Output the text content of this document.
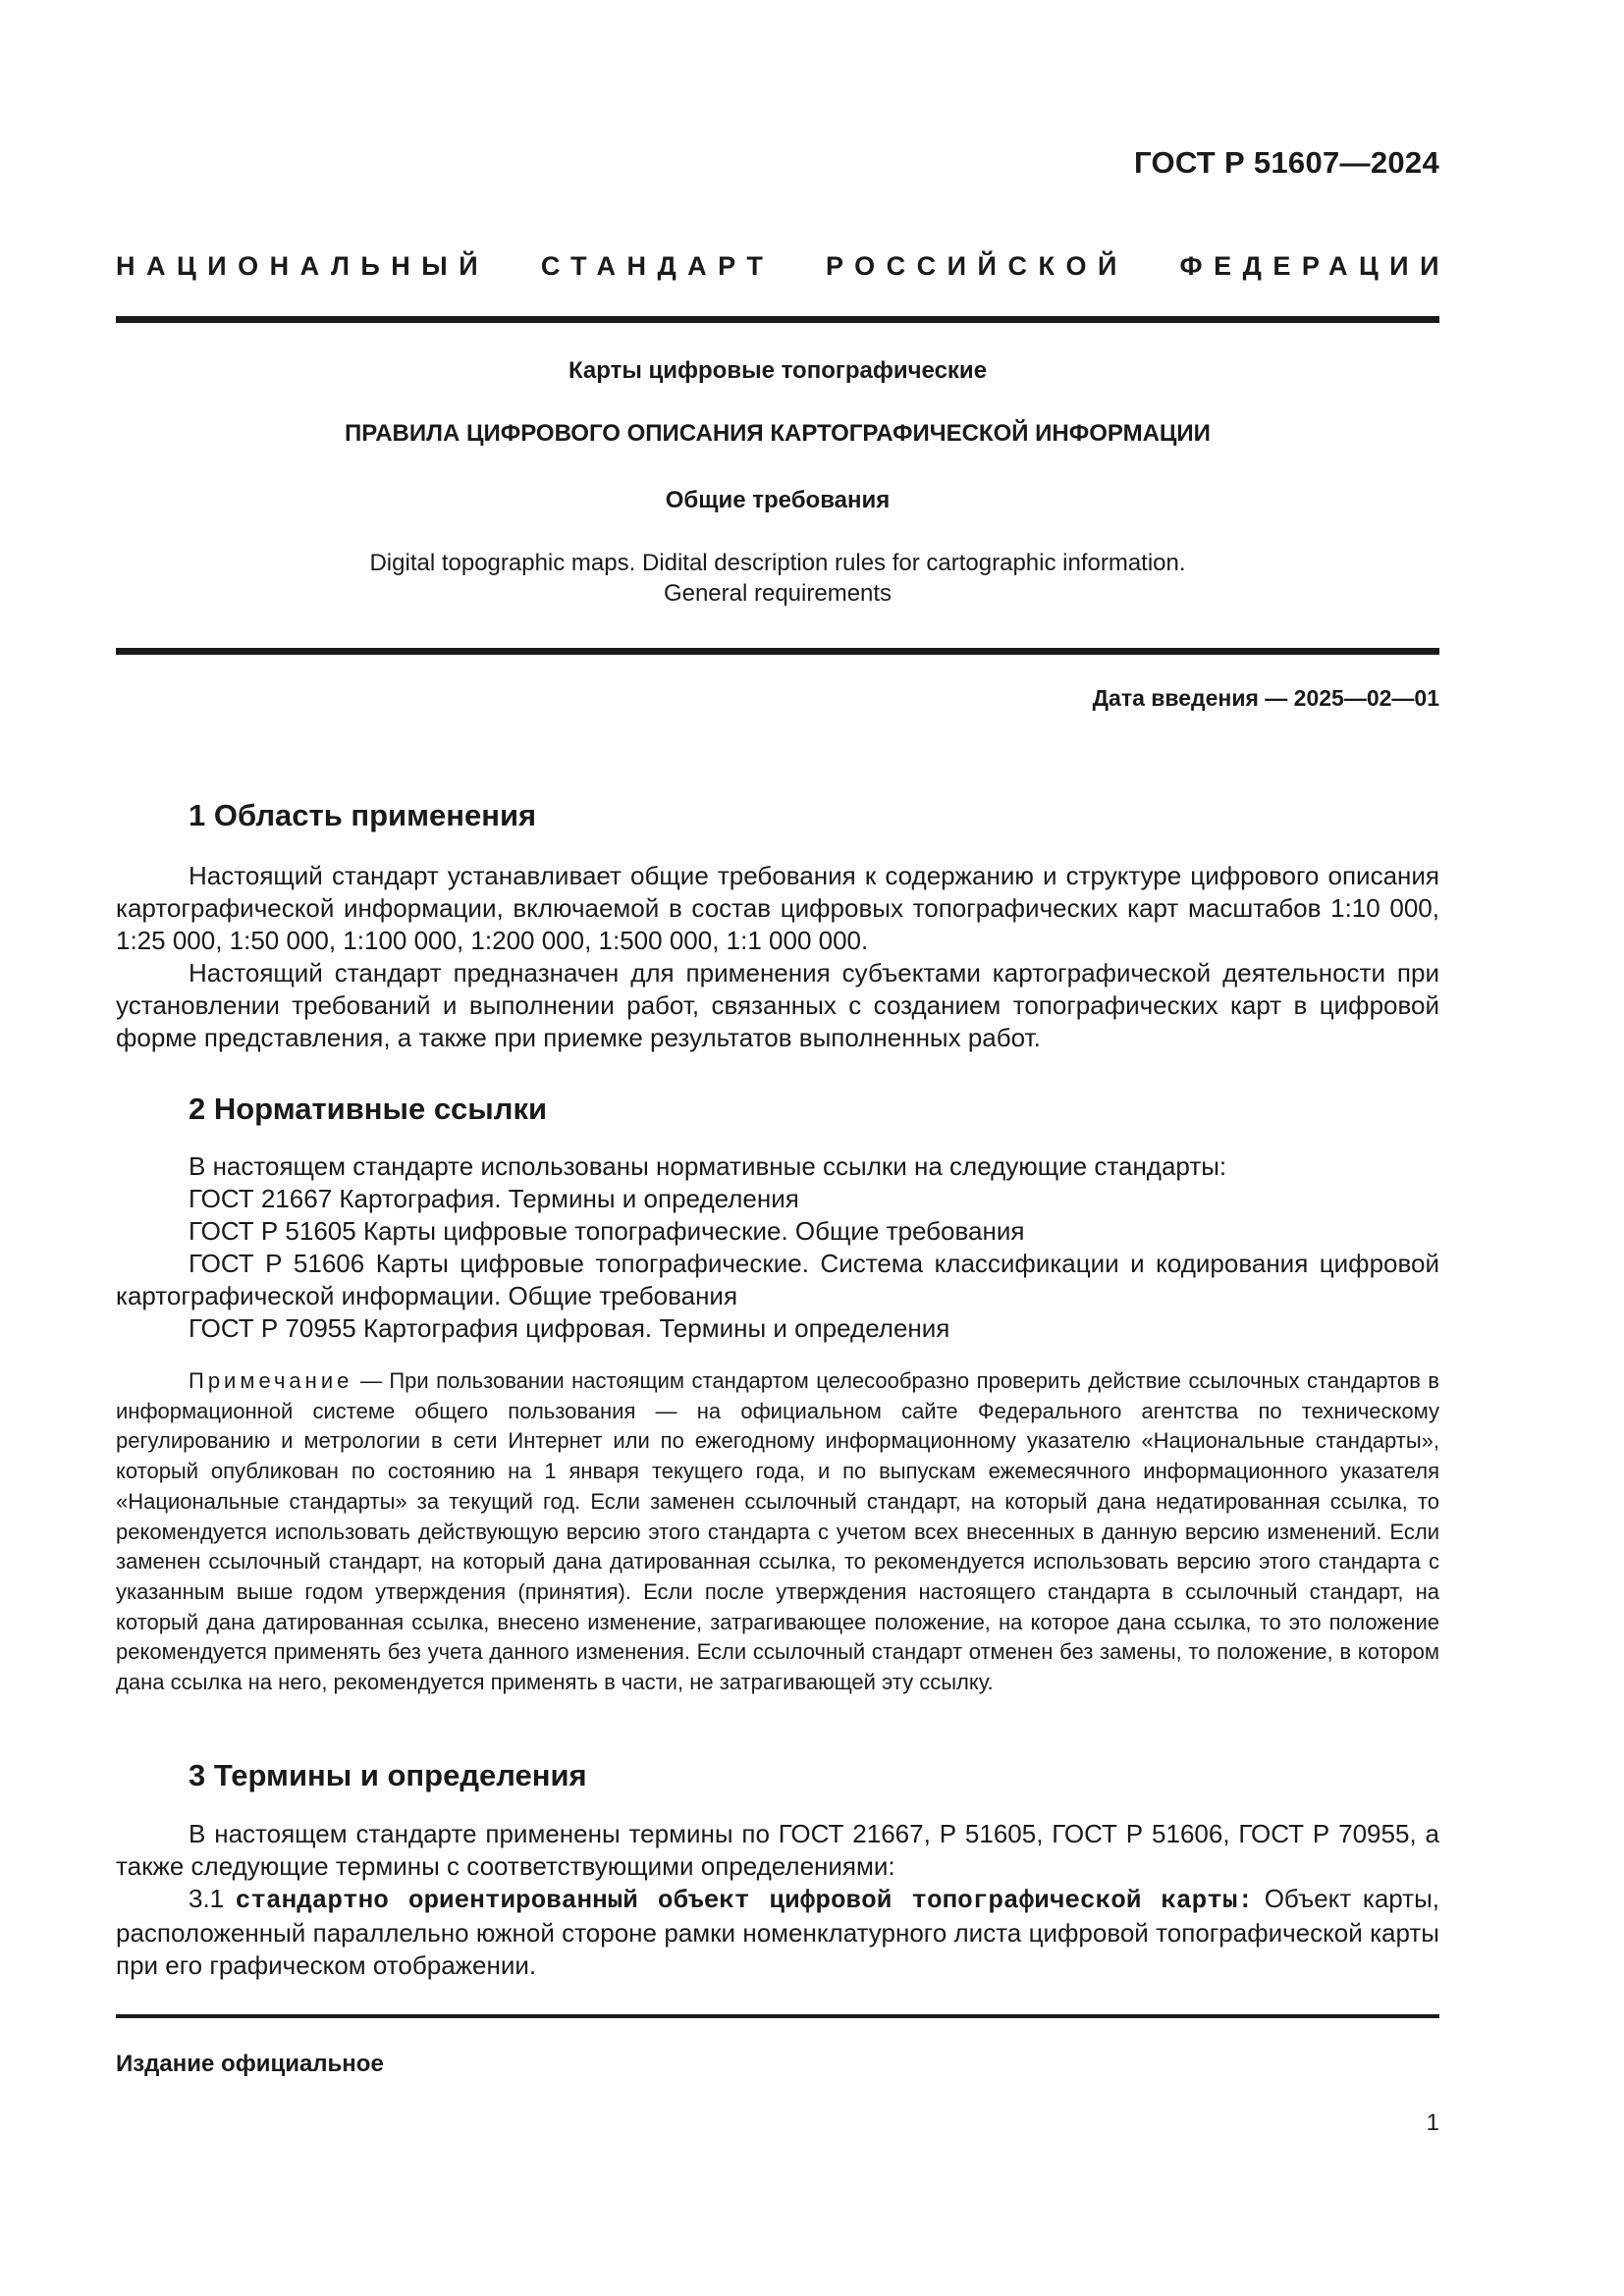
ГОСТ Р 51607—2024
НАЦИОНАЛЬНЫЙ СТАНДАРТ РОССИЙСКОЙ ФЕДЕРАЦИИ
Карты цифровые топографические
ПРАВИЛА ЦИФРОВОГО ОПИСАНИЯ КАРТОГРАФИЧЕСКОЙ ИНФОРМАЦИИ
Общие требования
Digital topographic maps. Didital description rules for cartographic information.
General requirements
Дата введения — 2025—02—01
1 Область применения

Настоящий стандарт устанавливает общие требования к содержанию и структуре цифрового описания картографической информации, включаемой в состав цифровых топографических карт масштабов 1:10 000, 1:25 000, 1:50 000, 1:100 000, 1:200 000, 1:500 000, 1:1 000 000.

Настоящий стандарт предназначен для применения субъектами картографической деятельности при установлении требований и выполнении работ, связанных с созданием топографических карт в цифровой форме представления, а также при приемке результатов выполненных работ.

2 Нормативные ссылки

В настоящем стандарте использованы нормативные ссылки на следующие стандарты:

ГОСТ 21667 Картография. Термины и определения

ГОСТ Р 51605 Карты цифровые топографические. Общие требования

ГОСТ Р 51606 Карты цифровые топографические. Система классификации и кодирования цифровой картографической информации. Общие требования

ГОСТ Р 70955 Картография цифровая. Термины и определения

Примечание — При пользовании настоящим стандартом целесообразно проверить действие ссылочных стандартов в информационной системе общего пользования — на официальном сайте Федерального агентства по техническому регулированию и метрологии в сети Интернет или по ежегодному информационному указателю «Национальные стандарты», который опубликован по состоянию на 1 января текущего года, и по выпускам ежемесячного информационного указателя «Национальные стандарты» за текущий год. Если заменен ссылочный стандарт, на который дана недатированная ссылка, то рекомендуется использовать действующую версию этого стандарта с учетом всех внесенных в данную версию изменений. Если заменен ссылочный стандарт, на который дана датированная ссылка, то рекомендуется использовать версию этого стандарта с указанным выше годом утверждения (принятия). Если после утверждения настоящего стандарта в ссылочный стандарт, на который дана датированная ссылка, внесено изменение, затрагивающее положение, на которое дана ссылка, то это положение рекомендуется применять без учета данного изменения. Если ссылочный стандарт отменен без замены, то положение, в котором дана ссылка на него, рекомендуется применять в части, не затрагивающей эту ссылку.

3 Термины и определения

В настоящем стандарте применены термины по ГОСТ 21667, Р 51605, ГОСТ Р 51606, ГОСТ Р 70955, а также следующие термины с соответствующими определениями:

3.1 стандартно ориентированный объект цифровой топографической карты: Объект карты, расположенный параллельно южной стороне рамки номенклатурного листа цифровой топографической карты при его графическом отображении.

Издание официальное
1
